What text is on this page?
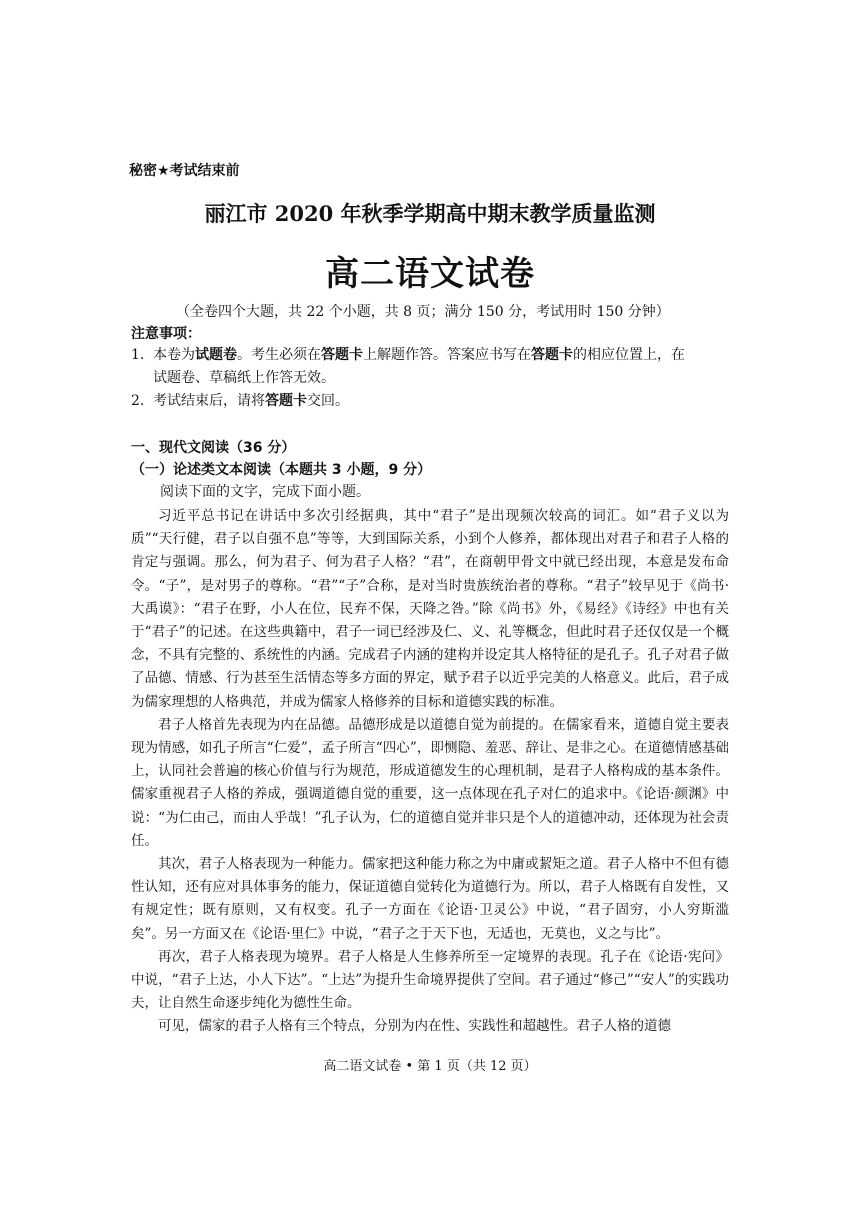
秘密★考试结束前
丽江市 2020 年秋季学期高中期末教学质量监测
高二语文试卷
（全卷四个大题，共 22 个小题，共 8 页；满分 150 分，考试用时 150 分钟）
注意事项：
1. 本卷为试题卷。考生必须在答题卡上解题作答。答案应书写在答题卡的相应位置上，在
试题卷、草稿纸上作答无效。
2. 考试结束后，请将答题卡交回。
一、现代文阅读（36 分）
（一）论述类文本阅读（本题共 3 小题，9 分）
阅读下面的文字，完成下面小题。

习近平总书记在讲话中多次引经据典，其中“君子”是出现频次较高的词汇。如“君子义以为质”“天行健，君子以自强不息”等等，大到国际关系，小到个人修养，都体现出对君子和君子人格的肯定与强调。那么，何为君子、何为君子人格？“君”，在商朝甲骨文中就已经出现，本意是发布命令。“子”，是对男子的尊称。“君”“子”合称，是对当时贵族统治者的尊称。“君子”较早见于《尚书·大禹谟》：“君子在野，小人在位，民弃不保，天降之咎。”除《尚书》外，《易经》《诗经》中也有关于“君子”的记述。在这些典籍中，君子一词已经涉及仁、义、礼等概念，但此时君子还仅仅是一个概念，不具有完整的、系统性的内涵。完成君子内涵的建构并设定其人格特征的是孔子。孔子对君子做了品德、情感、行为甚至生活情态等多方面的界定，赋予君子以近乎完美的人格意义。此后，君子成为儒家理想的人格典范，并成为儒家人格修养的目标和道德实践的标准。

君子人格首先表现为内在品德。品德形成是以道德自觉为前提的。在儒家看来，道德自觉主要表现为情感，如孔子所言“仁爱”，孟子所言“四心”，即恻隐、羞恶、辞让、是非之心。在道德情感基础上，认同社会普遍的核心价值与行为规范，形成道德发生的心理机制，是君子人格构成的基本条件。儒家重视君子人格的养成，强调道德自觉的重要，这一点体现在孔子对仁的追求中。《论语·颜渊》中说：“为仁由己，而由人乎哉！”孔子认为，仁的道德自觉并非只是个人的道德冲动，还体现为社会责任。

其次，君子人格表现为一种能力。儒家把这种能力称之为中庸或絜矩之道。君子人格中不但有德性认知，还有应对具体事务的能力，保证道德自觉转化为道德行为。所以，君子人格既有自发性，又有规定性；既有原则，又有权变。孔子一方面在《论语·卫灵公》中说，“君子固穷，小人穷斯滥矣”。另一方面又在《论语·里仁》中说，“君子之于天下也，无适也，无莫也，义之与比”。

再次，君子人格表现为境界。君子人格是人生修养所至一定境界的表现。孔子在《论语·宪问》中说，“君子上达，小人下达”。“上达”为提升生命境界提供了空间。君子通过“修己”“安人”的实践功夫，让自然生命逐步纯化为德性生命。

可见，儒家的君子人格有三个特点，分别为内在性、实践性和超越性。君子人格的道德

高二语文试卷 • 第 1 页（共 12 页）
